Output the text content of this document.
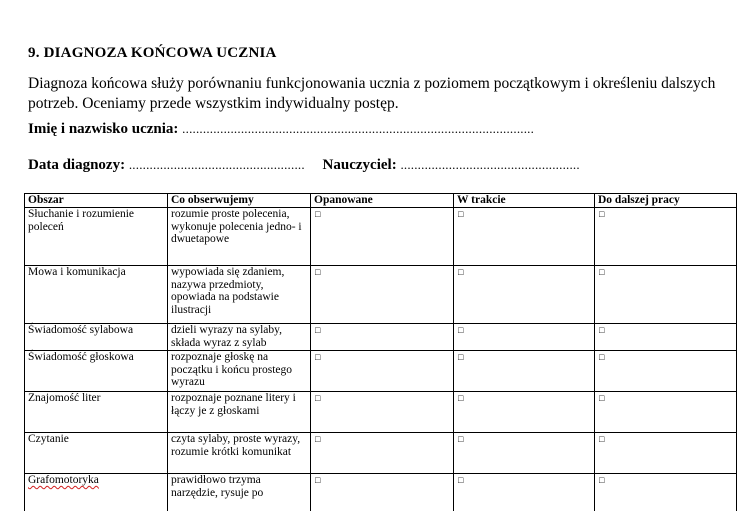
9. DIAGNOZA KOŃCOWA UCZNIA
Diagnoza końcowa służy porównaniu funkcjonowania ucznia z poziomem początkowym i określeniu dalszych potrzeb. Oceniamy przede wszystkim indywidualny postęp.
Imię i nazwisko ucznia: ......................................................................................................
Data diagnozy: ................................................... Nauczyciel: ....................................................
Obszar	Co obserwujemy	Opanowane	W trakcie	Do dalszej pracy
Słuchanie i rozumienie poleceń	rozumie proste polecenia, wykonuje polecenia jedno- i dwuetapowe	□	□	□
Mowa i komunikacja	wypowiada się zdaniem, nazywa przedmioty, opowiada na podstawie ilustracji	□	□	□
Świadomość sylabowa	dzieli wyrazy na sylaby, składa wyraz z sylab	□	□	□
Świadomość głoskowa	rozpoznaje głoskę na początku i końcu prostego wyrazu	□	□	□
Znajomość liter	rozpoznaje poznane litery i łączy je z głoskami	□	□	□
Czytanie	czyta sylaby, proste wyrazy, rozumie krótki komunikat	□	□	□
Grafomotoryka	prawidłowo trzyma narzędzie, rysuje po	□	□	□
